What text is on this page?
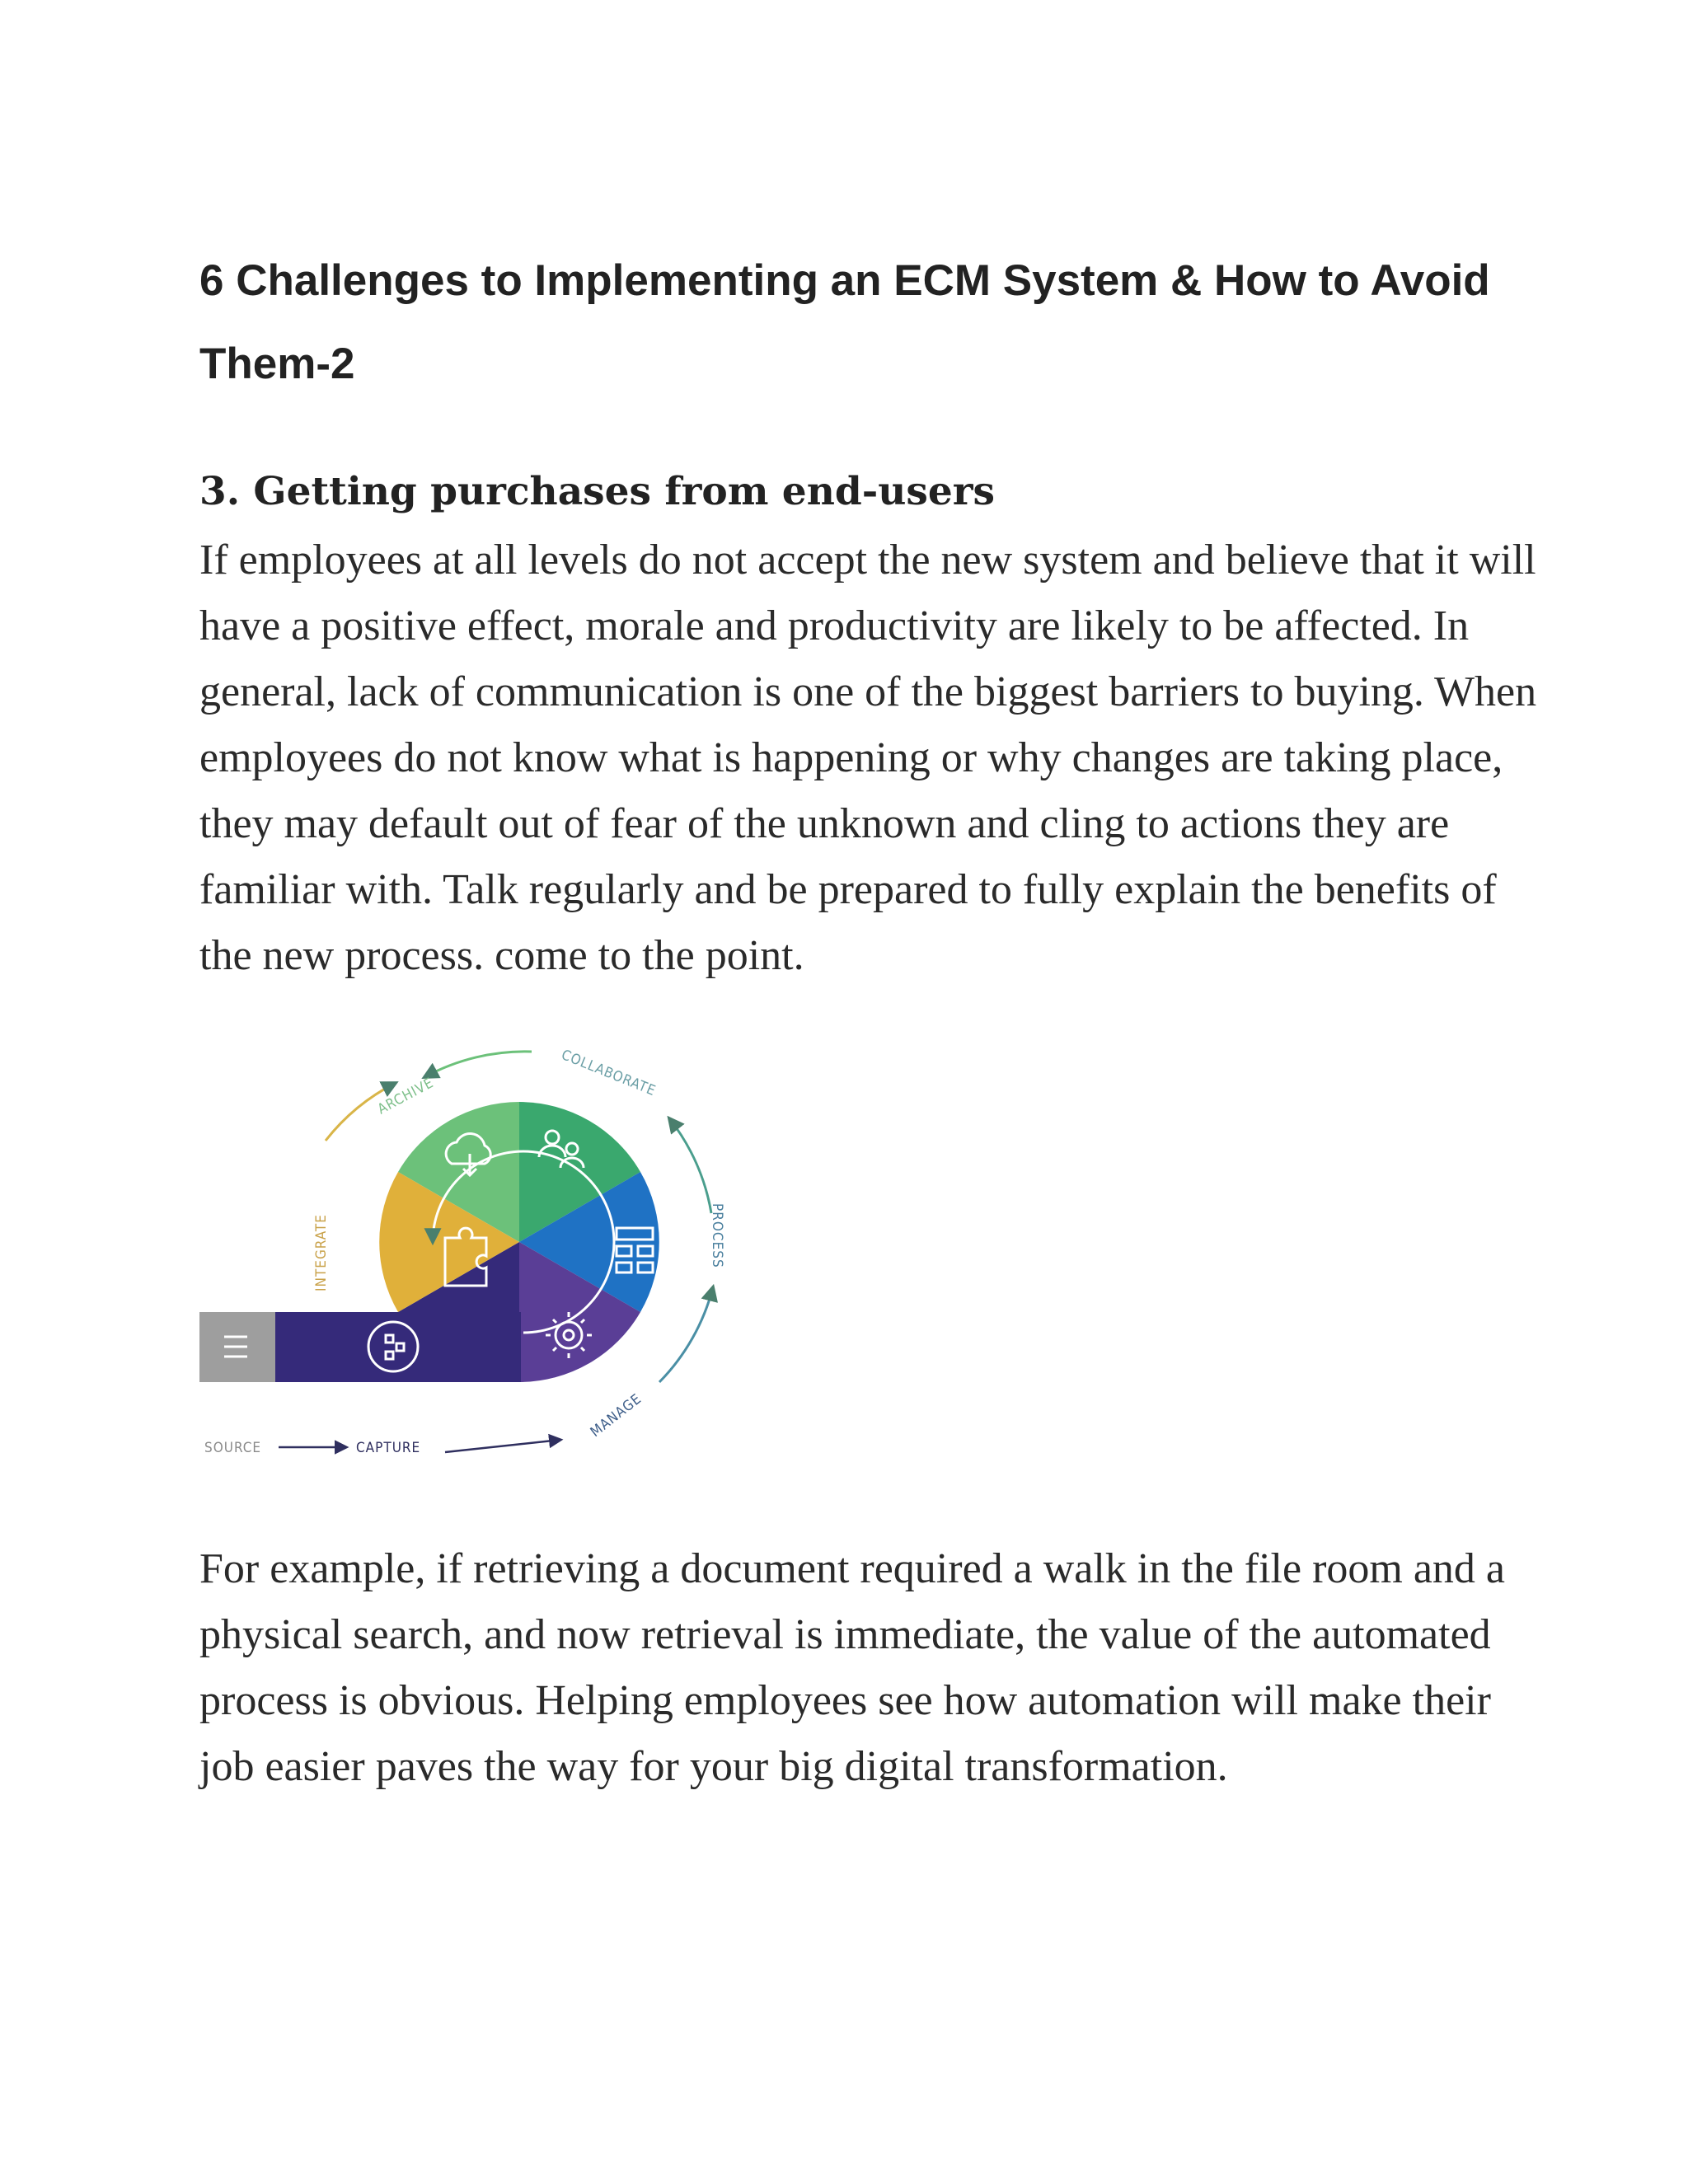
6 Challenges to Implementing an ECM System & How to Avoid Them-2
3. Getting purchases from end-users

If employees at all levels do not accept the new system and believe that it will have a positive effect, morale and productivity are likely to be affected. In general, lack of communication is one of the biggest barriers to buying. When employees do not know what is happening or why changes are taking place, they may default out of fear of the unknown and cling to actions they are familiar with. Talk regularly and be prepared to fully explain the benefits of the new process. come to the point.

ARCHIVE	COLLABORATE
PROCESS
MANAGE
INTEGRATE
SOURCE	CAPTURE

For example, if retrieving a document required a walk in the file room and a physical search, and now retrieval is immediate, the value of the automated process is obvious. Helping employees see how automation will make their job easier paves the way for your big digital transformation.
